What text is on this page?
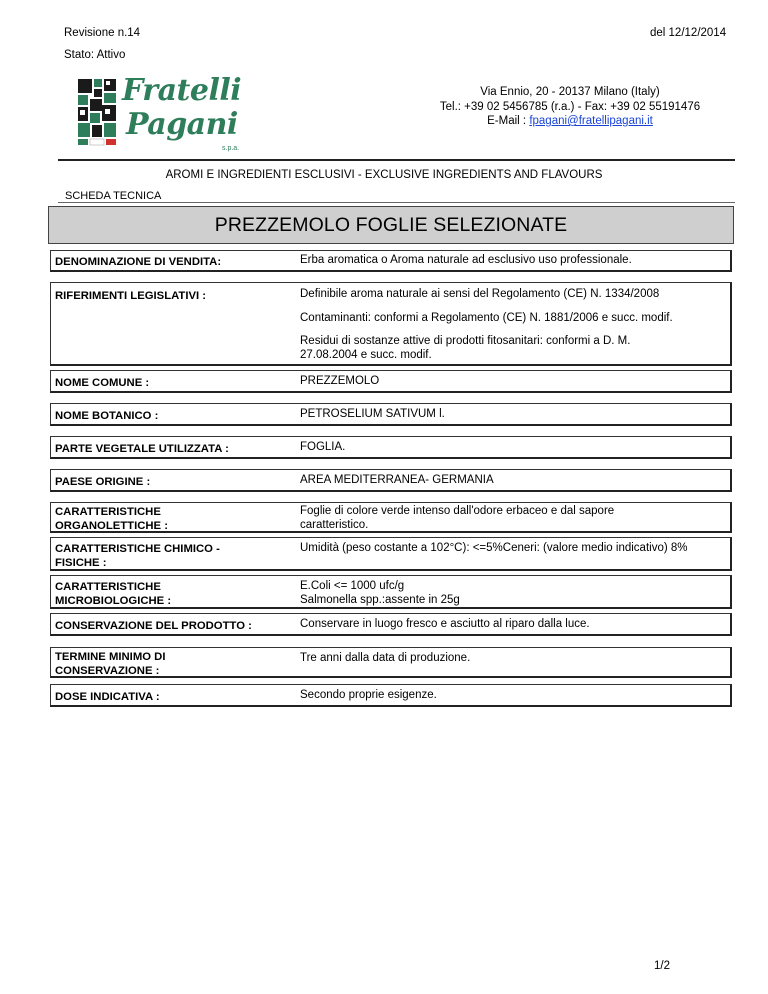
Revisione n.14	del 12/12/2014
Stato: Attivo
Fratelli
Pagani
s.p.a.
Via Ennio, 20 - 20137 Milano (Italy)
Tel.: +39 02 5456785 (r.a.) - Fax: +39 02 55191476
E-Mail : fpagani@fratellipagani.it
AROMI E INGREDIENTI ESCLUSIVI - EXCLUSIVE INGREDIENTS AND FLAVOURS
SCHEDA TECNICA
PREZZEMOLO FOGLIE SELEZIONATE
DENOMINAZIONE DI VENDITA:	Erba aromatica o Aroma naturale ad esclusivo uso professionale.
RIFERIMENTI LEGISLATIVI :	Definibile aroma naturale ai sensi del Regolamento (CE) N. 1334/2008
Contaminanti: conformi a Regolamento (CE) N. 1881/2006 e succ. modif.
Residui di sostanze attive di prodotti fitosanitari: conformi a D. M. 27.08.2004 e succ. modif.
NOME COMUNE :	PREZZEMOLO
NOME BOTANICO :	PETROSELIUM SATIVUM l.
PARTE VEGETALE UTILIZZATA :	FOGLIA.
PAESE ORIGINE :	AREA MEDITERRANEA- GERMANIA
CARATTERISTICHE ORGANOLETTICHE :
Foglie di colore verde intenso dall'odore erbaceo e dal sapore caratteristico.
CARATTERISTICHE CHIMICO - FISICHE :
Umidità (peso costante a 102°C): <=5%Ceneri: (valore medio indicativo) 8%
CARATTERISTICHE MICROBIOLOGICHE :
E.Coli <= 1000 ufc/g
Salmonella spp.:assente in 25g
CONSERVAZIONE DEL PRODOTTO :	Conservare in luogo fresco e asciutto al riparo dalla luce.
TERMINE MINIMO DI CONSERVAZIONE :
Tre anni dalla data di produzione.
DOSE INDICATIVA :	Secondo proprie esigenze.
1/2
